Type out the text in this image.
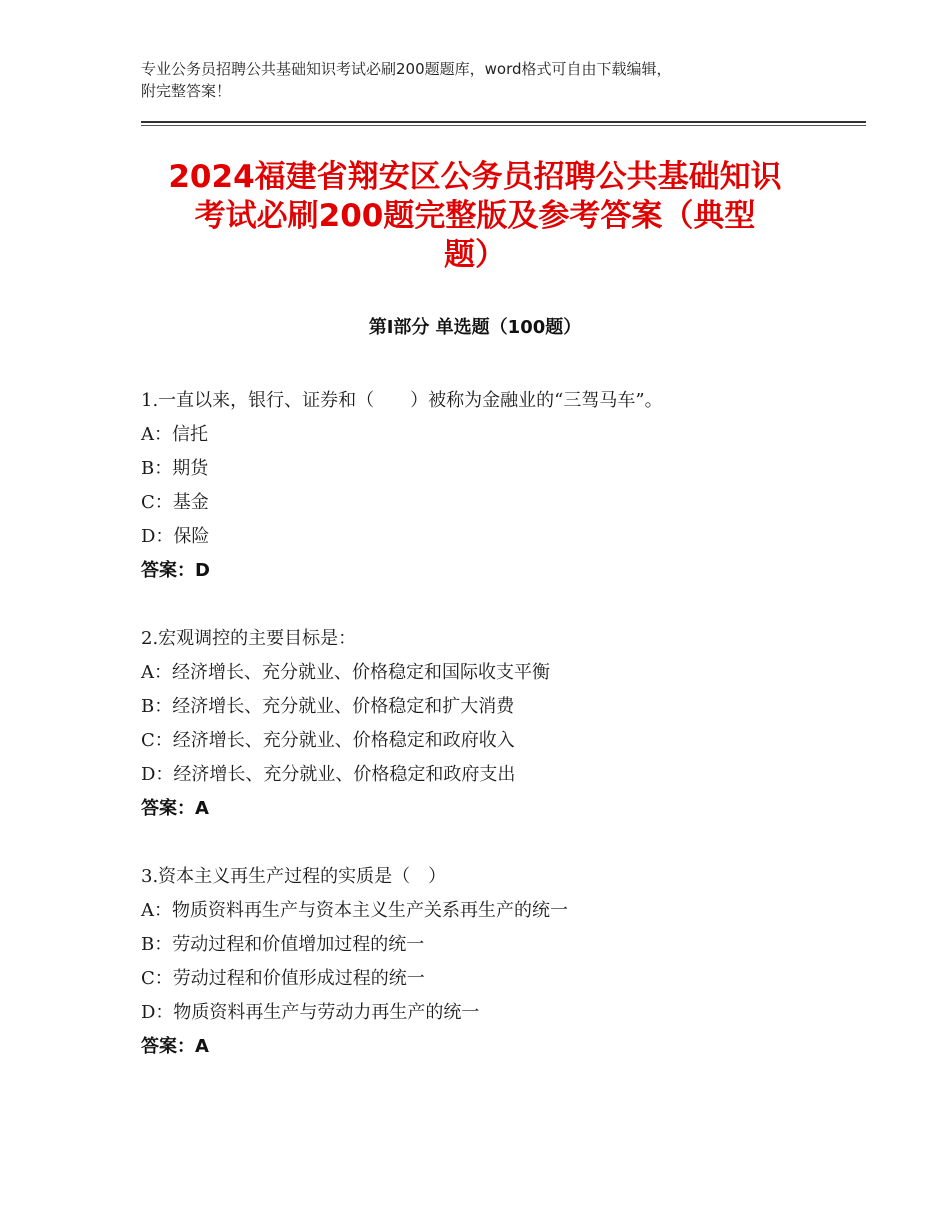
专业公务员招聘公共基础知识考试必刷200题题库，word格式可自由下载编辑，
附完整答案！
2024福建省翔安区公务员招聘公共基础知识
考试必刷200题完整版及参考答案（典型
题）
第Ⅰ部分 单选题（100题）
1.一直以来，银行、证券和（　　）被称为金融业的“三驾马车”。
A：信托
B：期货
C：基金
D：保险
答案：D
2.宏观调控的主要目标是：
A：经济增长、充分就业、价格稳定和国际收支平衡
B：经济增长、充分就业、价格稳定和扩大消费
C：经济增长、充分就业、价格稳定和政府收入
D：经济增长、充分就业、价格稳定和政府支出
答案：A
3.资本主义再生产过程的实质是（　）
A：物质资料再生产与资本主义生产关系再生产的统一
B：劳动过程和价值增加过程的统一
C：劳动过程和价值形成过程的统一
D：物质资料再生产与劳动力再生产的统一
答案：A
